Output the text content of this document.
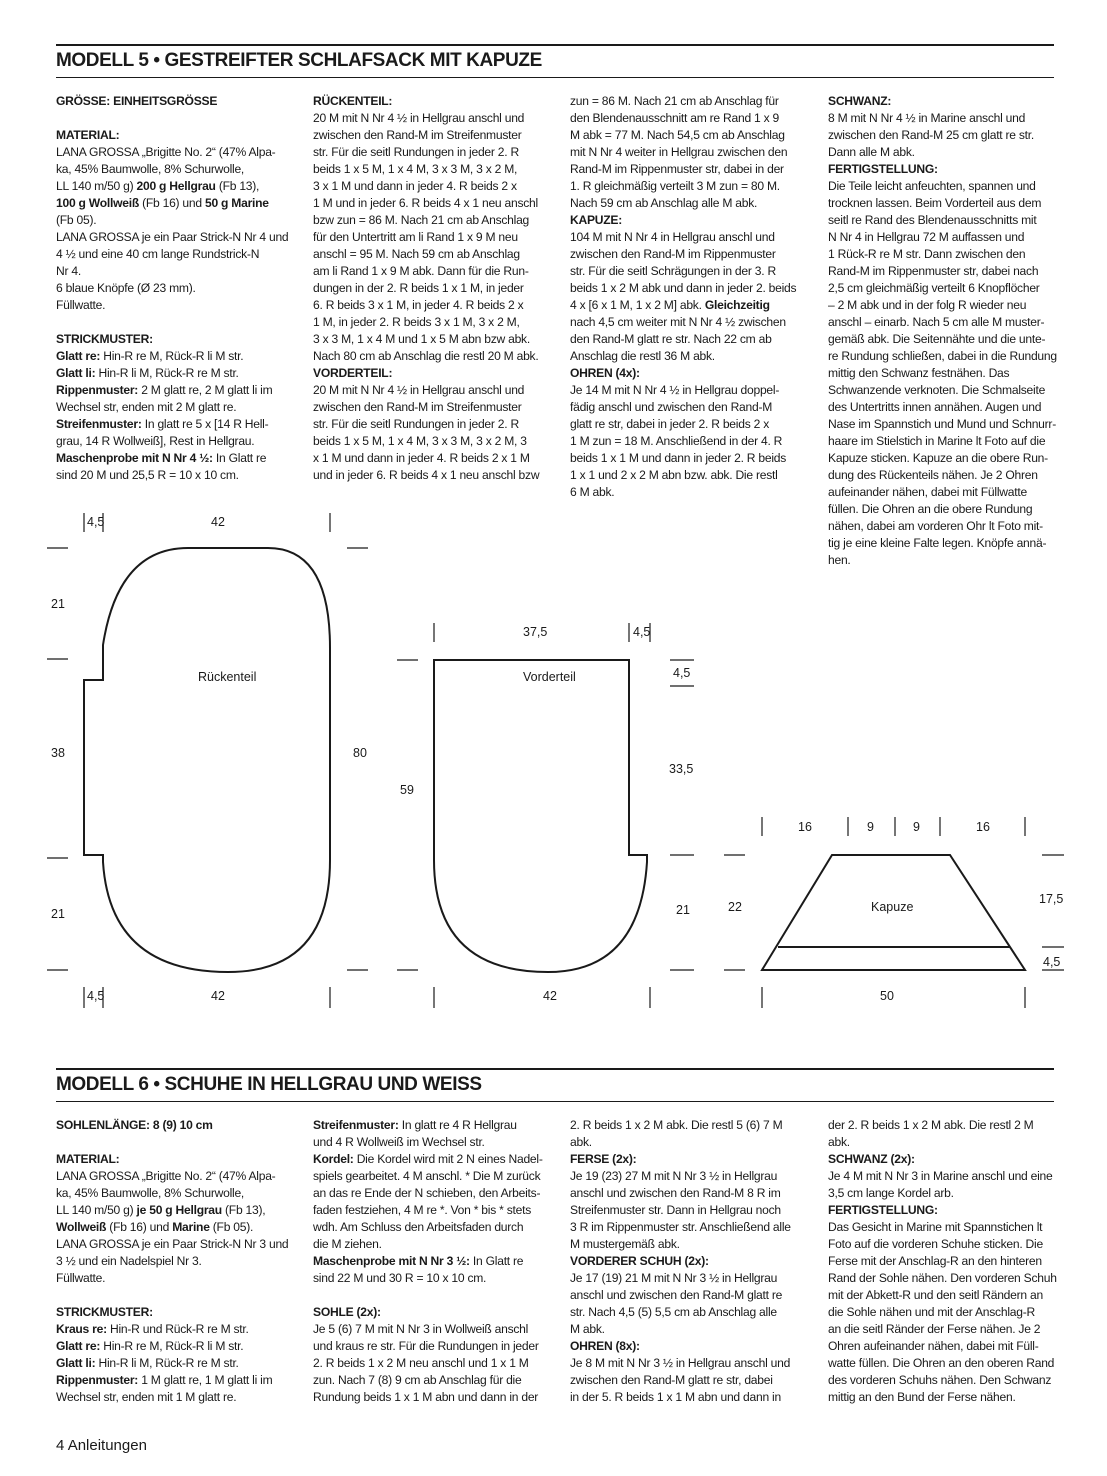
MODELL 5 • GESTREIFTER SCHLAFSACK MIT KAPUZE

GRÖSSE: EINHEITSGRÖSSE

MATERIAL:

LANA GROSSA „Brigitte No. 2“ (47% Alpa-

ka, 45% Baumwolle, 8% Schurwolle,

LL 140 m/50 g) 200 g Hellgrau (Fb 13),

100 g Wollweiß (Fb 16) und 50 g Marine

(Fb 05).

LANA GROSSA je ein Paar Strick-N Nr 4 und

4 ½ und eine 40 cm lange Rundstrick-N

Nr 4.

6 blaue Knöpfe (Ø 23 mm).

Füllwatte.

STRICKMUSTER:

Glatt re: Hin-R re M, Rück-R li M str.

Glatt li: Hin-R li M, Rück-R re M str.

Rippenmuster: 2 M glatt re, 2 M glatt li im

Wechsel str, enden mit 2 M glatt re.

Streifenmuster: In glatt re 5 x [14 R Hell-

grau, 14 R Wollweiß], Rest in Hellgrau.

Maschenprobe mit N Nr 4 ½: In Glatt re

sind 20 M und 25,5 R = 10 x 10 cm.

RÜCKENTEIL:

20 M mit N Nr 4 ½ in Hellgrau anschl und

zwischen den Rand-M im Streifenmuster

str. Für die seitl Rundungen in jeder 2. R

beids 1 x 5 M, 1 x 4 M, 3 x 3 M, 3 x 2 M,

3 x 1 M und dann in jeder 4. R beids 2 x

1 M und in jeder 6. R beids 4 x 1 neu anschl

bzw zun = 86 M. Nach 21 cm ab Anschlag

für den Untertritt am li Rand 1 x 9 M neu

anschl = 95 M. Nach 59 cm ab Anschlag

am li Rand 1 x 9 M abk. Dann für die Run-

dungen in der 2. R beids 1 x 1 M, in jeder

6. R beids 3 x 1 M, in jeder 4. R beids 2 x

1 M, in jeder 2. R beids 3 x 1 M, 3 x 2 M,

3 x 3 M, 1 x 4 M und 1 x 5 M abn bzw abk.

Nach 80 cm ab Anschlag die restl 20 M abk.

VORDERTEIL:

20 M mit N Nr 4 ½ in Hellgrau anschl und

zwischen den Rand-M im Streifenmuster

str. Für die seitl Rundungen in jeder 2. R

beids 1 x 5 M, 1 x 4 M, 3 x 3 M, 3 x 2 M, 3

x 1 M und dann in jeder 4. R beids 2 x 1 M

und in jeder 6. R beids 4 x 1 neu anschl bzw

zun = 86 M. Nach 21 cm ab Anschlag für

den Blendenausschnitt am re Rand 1 x 9

M abk = 77 M. Nach 54,5 cm ab Anschlag

mit N Nr 4 weiter in Hellgrau zwischen den

Rand-M im Rippenmuster str, dabei in der

1. R gleichmäßig verteilt 3 M zun = 80 M.

Nach 59 cm ab Anschlag alle M abk.

KAPUZE:

104 M mit N Nr 4 in Hellgrau anschl und

zwischen den Rand-M im Rippenmuster

str. Für die seitl Schrägungen in der 3. R

beids 1 x 2 M abk und dann in jeder 2. beids

4 x [6 x 1 M, 1 x 2 M] abk. Gleichzeitig

nach 4,5 cm weiter mit N Nr 4 ½ zwischen

den Rand-M glatt re str. Nach 22 cm ab

Anschlag die restl 36 M abk.

OHREN (4x):

Je 14 M mit N Nr 4 ½ in Hellgrau doppel-

fädig anschl und zwischen den Rand-M

glatt re str, dabei in jeder 2. R beids 2 x

1 M zun = 18 M. Anschließend in der 4. R

beids 1 x 1 M und dann in jeder 2. R beids

1 x 1 und 2 x 2 M abn bzw. abk. Die restl

6 M abk.

SCHWANZ:

8 M mit N Nr 4 ½ in Marine anschl und

zwischen den Rand-M 25 cm glatt re str.

Dann alle M abk.

FERTIGSTELLUNG:

Die Teile leicht anfeuchten, spannen und

trocknen lassen. Beim Vorderteil aus dem

seitl re Rand des Blendenausschnitts mit

N Nr 4 in Hellgrau 72 M auffassen und

1 Rück-R re M str. Dann zwischen den

Rand-M im Rippenmuster str, dabei nach

2,5 cm gleichmäßig verteilt 6 Knopflöcher

– 2 M abk und in der folg R wieder neu

anschl – einarb. Nach 5 cm alle M muster-

gemäß abk. Die Seitennähte und die unte-

re Rundung schließen, dabei in die Rundung

mittig den Schwanz festnähen. Das

Schwanzende verknoten. Die Schmalseite

des Untertritts innen annähen. Augen und

Nase im Spannstich und Mund und Schnurr-

haare im Stielstich in Marine lt Foto auf die

Kapuze sticken. Kapuze an die obere Run-

dung des Rückenteils nähen. Je 2 Ohren

aufeinander nähen, dabei mit Füllwatte

füllen. Die Ohren an die obere Rundung

nähen, dabei am vorderen Ohr lt Foto mit-

tig je eine kleine Falte legen. Knöpfe annä-

hen.

4,5	42
4,5	42
21
38
21
80
Rückenteil
37,5	4,5
42
59
4,5
33,5
21
Vorderteil
16	9	9	16
22
17,5
4,5
50
Kapuze
MODELL 6 • SCHUHE IN HELLGRAU UND WEISS

SOHLENLÄNGE: 8 (9) 10 cm

MATERIAL:

LANA GROSSA „Brigitte No. 2“ (47% Alpa-

ka, 45% Baumwolle, 8% Schurwolle,

LL 140 m/50 g) je 50 g Hellgrau (Fb 13),

Wollweiß (Fb 16) und Marine (Fb 05).

LANA GROSSA je ein Paar Strick-N Nr 3 und

3 ½ und ein Nadelspiel Nr 3.

Füllwatte.

STRICKMUSTER:

Kraus re: Hin-R und Rück-R re M str.

Glatt re: Hin-R re M, Rück-R li M str.

Glatt li: Hin-R li M, Rück-R re M str.

Rippenmuster: 1 M glatt re, 1 M glatt li im

Wechsel str, enden mit 1 M glatt re.

Streifenmuster: In glatt re 4 R Hellgrau

und 4 R Wollweiß im Wechsel str.

Kordel: Die Kordel wird mit 2 N eines Nadel-

spiels gearbeitet. 4 M anschl. * Die M zurück

an das re Ende der N schieben, den Arbeits-

faden festziehen, 4 M re *. Von * bis * stets

wdh. Am Schluss den Arbeitsfaden durch

die M ziehen.

Maschenprobe mit N Nr 3 ½: In Glatt re

sind 22 M und 30 R = 10 x 10 cm.

SOHLE (2x):

Je 5 (6) 7 M mit N Nr 3 in Wollweiß anschl

und kraus re str. Für die Rundungen in jeder

2. R beids 1 x 2 M neu anschl und 1 x 1 M

zun. Nach 7 (8) 9 cm ab Anschlag für die

Rundung beids 1 x 1 M abn und dann in der

2. R beids 1 x 2 M abk. Die restl 5 (6) 7 M

abk.

FERSE (2x):

Je 19 (23) 27 M mit N Nr 3 ½ in Hellgrau

anschl und zwischen den Rand-M 8 R im

Streifenmuster str. Dann in Hellgrau noch

3 R im Rippenmuster str. Anschließend alle

M mustergemäß abk.

VORDERER SCHUH (2x):

Je 17 (19) 21 M mit N Nr 3 ½ in Hellgrau

anschl und zwischen den Rand-M glatt re

str. Nach 4,5 (5) 5,5 cm ab Anschlag alle

M abk.

OHREN (8x):

Je 8 M mit N Nr 3 ½ in Hellgrau anschl und

zwischen den Rand-M glatt re str, dabei

in der 5. R beids 1 x 1 M abn und dann in

der 2. R beids 1 x 2 M abk. Die restl 2 M

abk.

SCHWANZ (2x):

Je 4 M mit N Nr 3 in Marine anschl und eine

3,5 cm lange Kordel arb.

FERTIGSTELLUNG:

Das Gesicht in Marine mit Spannstichen lt

Foto auf die vorderen Schuhe sticken. Die

Ferse mit der Anschlag-R an den hinteren

Rand der Sohle nähen. Den vorderen Schuh

mit der Abkett-R und den seitl Rändern an

die Sohle nähen und mit der Anschlag-R

an die seitl Ränder der Ferse nähen. Je 2

Ohren aufeinander nähen, dabei mit Füll-

watte füllen. Die Ohren an den oberen Rand

des vorderen Schuhs nähen. Den Schwanz

mittig an den Bund der Ferse nähen.

4 Anleitungen
